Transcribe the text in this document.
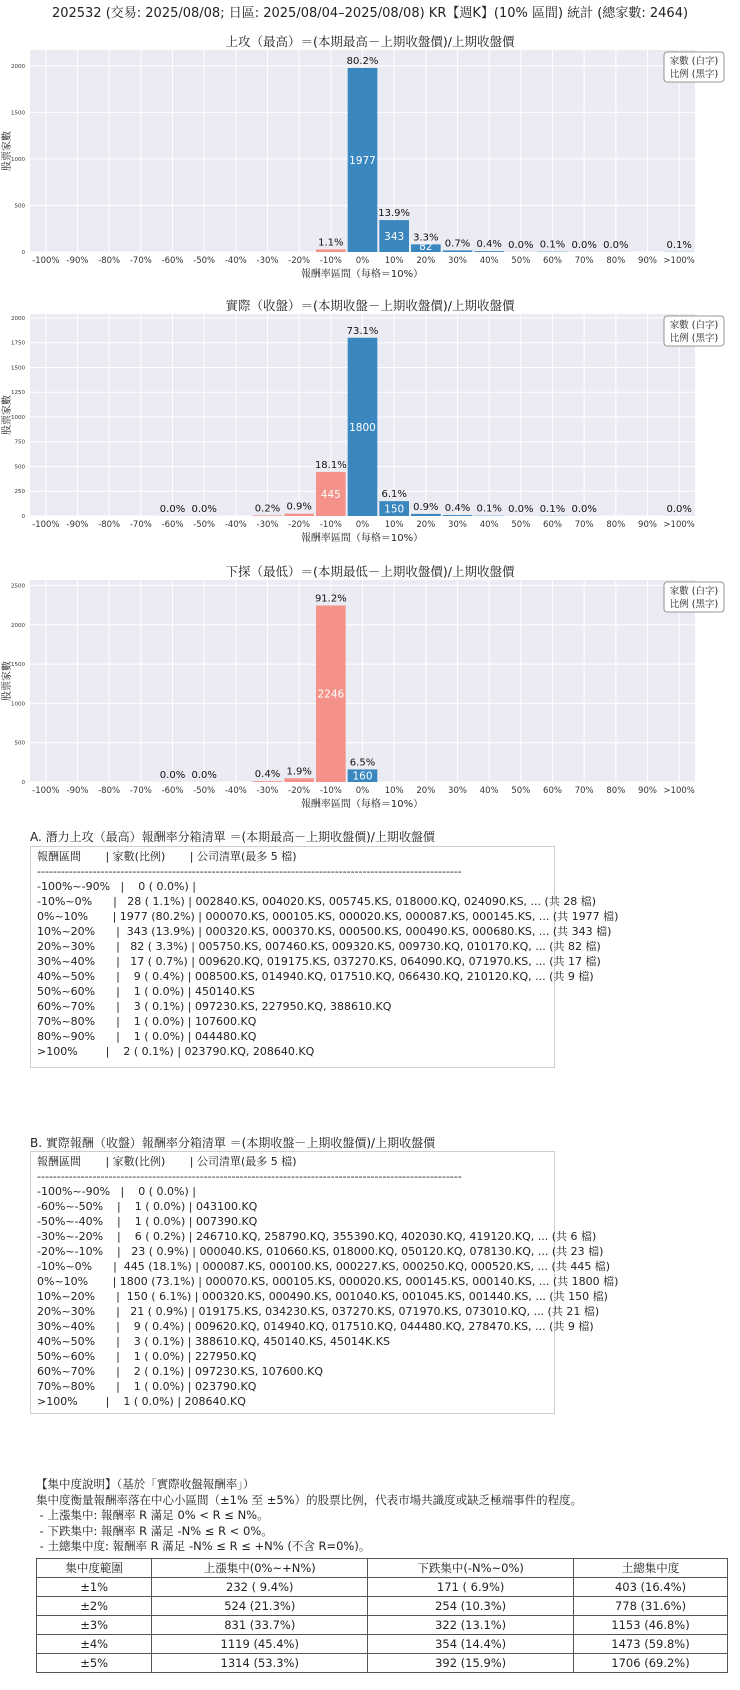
202532 (交易: 2025/08/08; 日區: 2025/08/04–2025/08/08) KR【週K】(10% 區間) 統計 (總家數: 2464)
上攻（最高）＝(本期最高－上期收盤價)/上期收盤價
0
500
1000
1500
2000
股票家數
1.1%
80.2%
1977
13.9%
343 3.3%
82 0.7% 0.4% 0.0% 0.1% 0.0% 0.0%	0.1%
-100% -90% -80% -70% -60% -50% -40% -30% -20% -10% 0% 10% 20% 30% 40% 50% 60% 70% 80% 90% >100%
報酬率區間（每格＝10%）
家數 (白字)
比例 (黑字)
實際（收盤）＝(本期收盤－上期收盤價)/上期收盤價
0
250
500
750
1000
1250
1500
1750
2000
股票家數
0.0% 0.0%	0.2% 0.9%
18.1%
445
73.1%
1800
6.1%
150 0.9% 0.4% 0.1% 0.0% 0.1% 0.0%	0.0%
-100% -90% -80% -70% -60% -50% -40% -30% -20% -10% 0% 10% 20% 30% 40% 50% 60% 70% 80% 90% >100%
報酬率區間（每格＝10%）
家數 (白字)
比例 (黑字)
下探（最低）＝(本期最低－上期收盤價)/上期收盤價
0
500
1000
1500
2000
2500
股票家數
0.0% 0.0%	0.4% 1.9%
91.2%
2246
6.5%
160
-100% -90% -80% -70% -60% -50% -40% -30% -20% -10% 0% 10% 20% 30% 40% 50% 60% 70% 80% 90% >100%
報酬率區間（每格＝10%）
家數 (白字)
比例 (黑字)
A. 潛力上攻（最高）報酬率分箱清單 ＝(本期最高－上期收盤價)/上期收盤價
報酬區間       | 家數(比例)       | 公司清單(最多 5 檔)
-----------------------------------------------------------------------------------------------------------
-100%~-90%   |    0 ( 0.0%) |
-10%~0%      |   28 ( 1.1%) | 002840.KS, 004020.KS, 005745.KS, 018000.KQ, 024090.KS, ... (共 28 檔)
0%~10%       | 1977 (80.2%) | 000070.KS, 000105.KS, 000020.KS, 000087.KS, 000145.KS, ... (共 1977 檔)
10%~20%      |  343 (13.9%) | 000320.KS, 000370.KS, 000500.KS, 000490.KS, 000680.KS, ... (共 343 檔)
20%~30%      |   82 ( 3.3%) | 005750.KS, 007460.KS, 009320.KS, 009730.KQ, 010170.KQ, ... (共 82 檔)
30%~40%      |   17 ( 0.7%) | 009620.KQ, 019175.KS, 037270.KS, 064090.KQ, 071970.KS, ... (共 17 檔)
40%~50%      |    9 ( 0.4%) | 008500.KS, 014940.KQ, 017510.KQ, 066430.KQ, 210120.KQ, ... (共 9 檔)
50%~60%      |    1 ( 0.0%) | 450140.KS
60%~70%      |    3 ( 0.1%) | 097230.KS, 227950.KQ, 388610.KQ
70%~80%      |    1 ( 0.0%) | 107600.KQ
80%~90%      |    1 ( 0.0%) | 044480.KQ
>100%        |    2 ( 0.1%) | 023790.KQ, 208640.KQ
B. 實際報酬（收盤）報酬率分箱清單 ＝(本期收盤－上期收盤價)/上期收盤價
報酬區間       | 家數(比例)       | 公司清單(最多 5 檔)
-----------------------------------------------------------------------------------------------------------
-100%~-90%   |    0 ( 0.0%) |
-60%~-50%    |    1 ( 0.0%) | 043100.KQ
-50%~-40%    |    1 ( 0.0%) | 007390.KQ
-30%~-20%    |    6 ( 0.2%) | 246710.KQ, 258790.KQ, 355390.KQ, 402030.KQ, 419120.KQ, ... (共 6 檔)
-20%~-10%    |   23 ( 0.9%) | 000040.KS, 010660.KS, 018000.KQ, 050120.KQ, 078130.KQ, ... (共 23 檔)
-10%~0%      |  445 (18.1%) | 000087.KS, 000100.KS, 000227.KS, 000250.KQ, 000520.KS, ... (共 445 檔)
0%~10%       | 1800 (73.1%) | 000070.KS, 000105.KS, 000020.KS, 000145.KS, 000140.KS, ... (共 1800 檔)
10%~20%      |  150 ( 6.1%) | 000320.KS, 000490.KS, 001040.KS, 001045.KS, 001440.KS, ... (共 150 檔)
20%~30%      |   21 ( 0.9%) | 019175.KS, 034230.KS, 037270.KS, 071970.KS, 073010.KQ, ... (共 21 檔)
30%~40%      |    9 ( 0.4%) | 009620.KQ, 014940.KQ, 017510.KQ, 044480.KQ, 278470.KS, ... (共 9 檔)
40%~50%      |    3 ( 0.1%) | 388610.KQ, 450140.KS, 45014K.KS
50%~60%      |    1 ( 0.0%) | 227950.KQ
60%~70%      |    2 ( 0.1%) | 097230.KS, 107600.KQ
70%~80%      |    1 ( 0.0%) | 023790.KQ
>100%        |    1 ( 0.0%) | 208640.KQ
【集中度說明】（基於「實際收盤報酬率」）
集中度衡量報酬率落在中心小區間（±1% 至 ±5%）的股票比例，代表市場共識度或缺乏極端事件的程度。
- 上漲集中: 報酬率 R 滿足 0% < R ≤ N%。
- 下跌集中: 報酬率 R 滿足 -N% ≤ R < 0%。
- 土總集中度: 報酬率 R 滿足 -N% ≤ R ≤ +N% (不含 R=0%)。
集中度範圍	上漲集中(0%~+N%)	下跌集中(-N%~0%)	土總集中度
±1%	232 ( 9.4%)	171 ( 6.9%)	403 (16.4%)
±2%	524 (21.3%)	254 (10.3%)	778 (31.6%)
±3%	831 (33.7%)	322 (13.1%)	1153 (46.8%)
±4%	1119 (45.4%)	354 (14.4%)	1473 (59.8%)
±5%	1314 (53.3%)	392 (15.9%)	1706 (69.2%)
